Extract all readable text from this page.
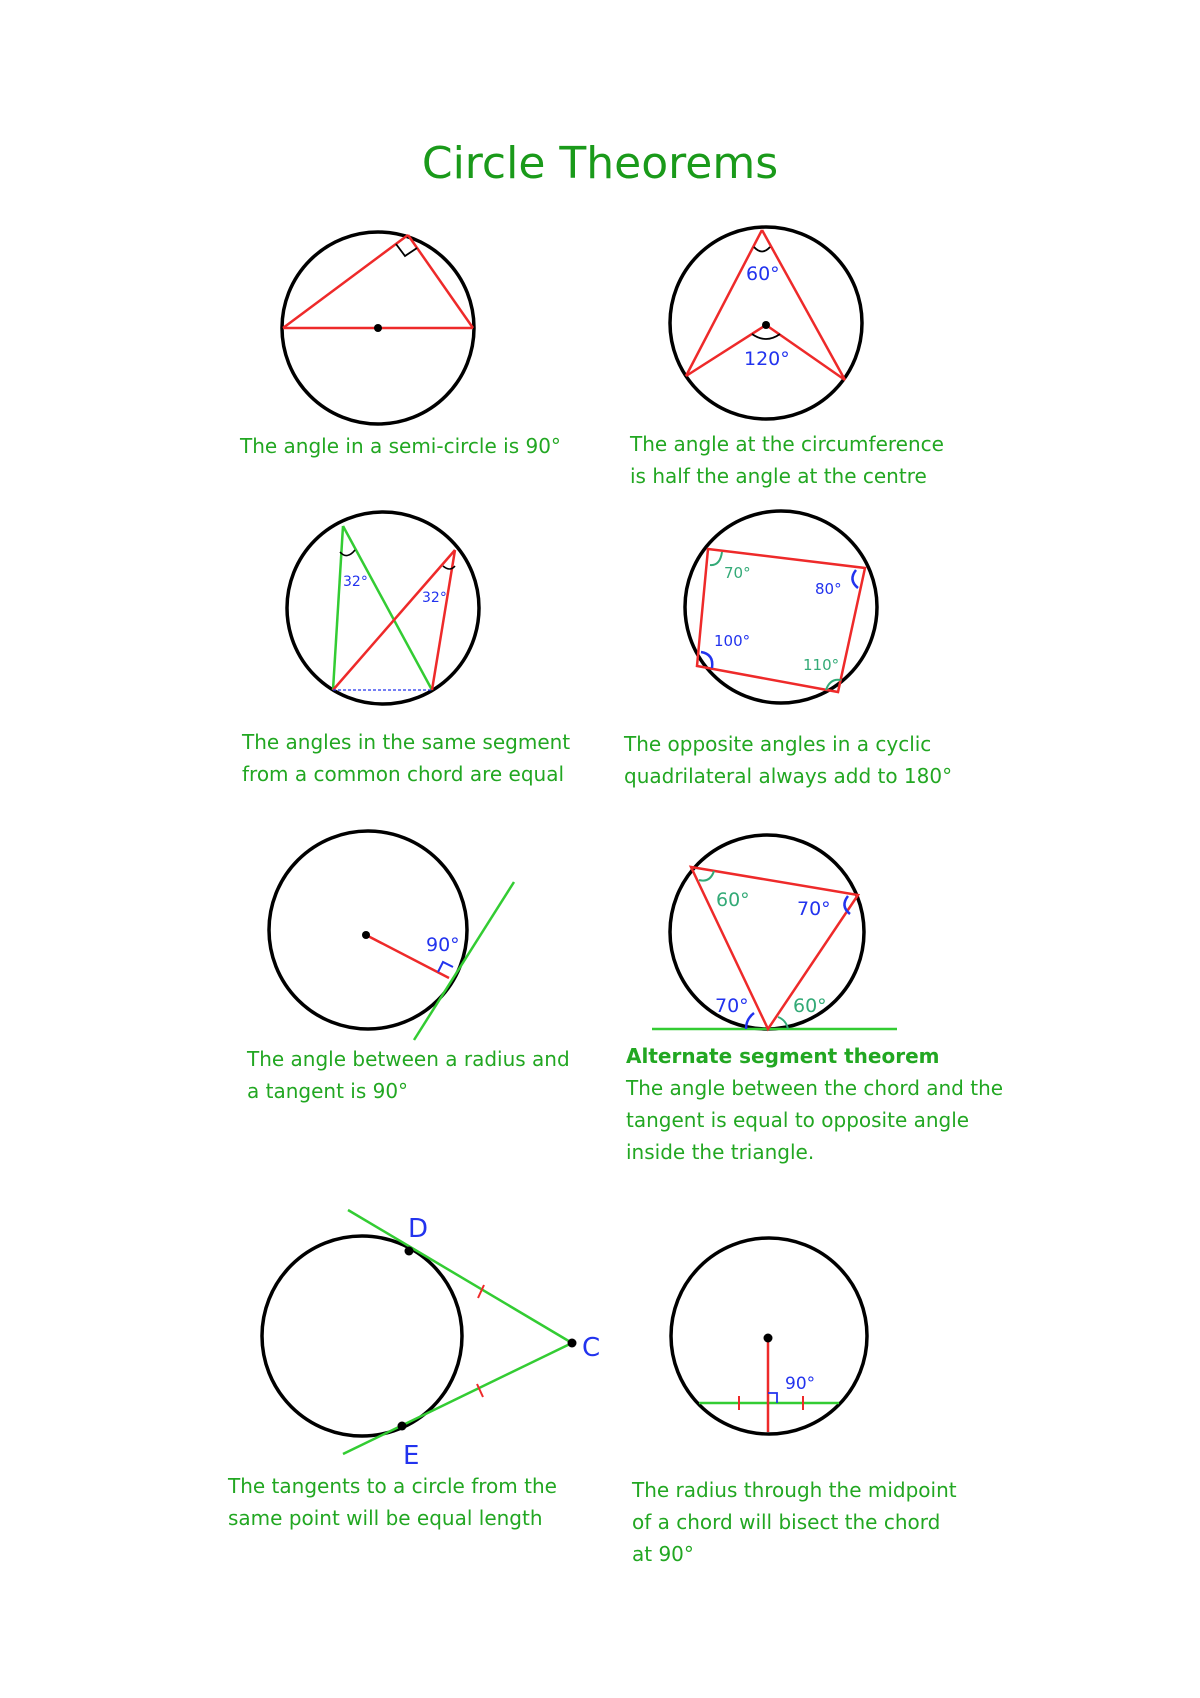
Circle Theorems
60°
120°
32°
32°
70°
80°
100°
110°
90°
60° 70°
70° 60°
D
C
E
90°
The angle in a semi-circle is 90°	The angle at the circumference
is half the angle at the centre
The angles in the same segment
from a common chord are equal
The opposite angles in a cyclic
quadrilateral always add to 180°
The angle between a radius and
a tangent is 90°
Alternate segment theorem
The angle between the chord and the
tangent is equal to opposite angle
inside the triangle.
The tangents to a circle from the
same point will be equal length
The radius through the midpoint
of a chord will bisect the chord
at 90°
